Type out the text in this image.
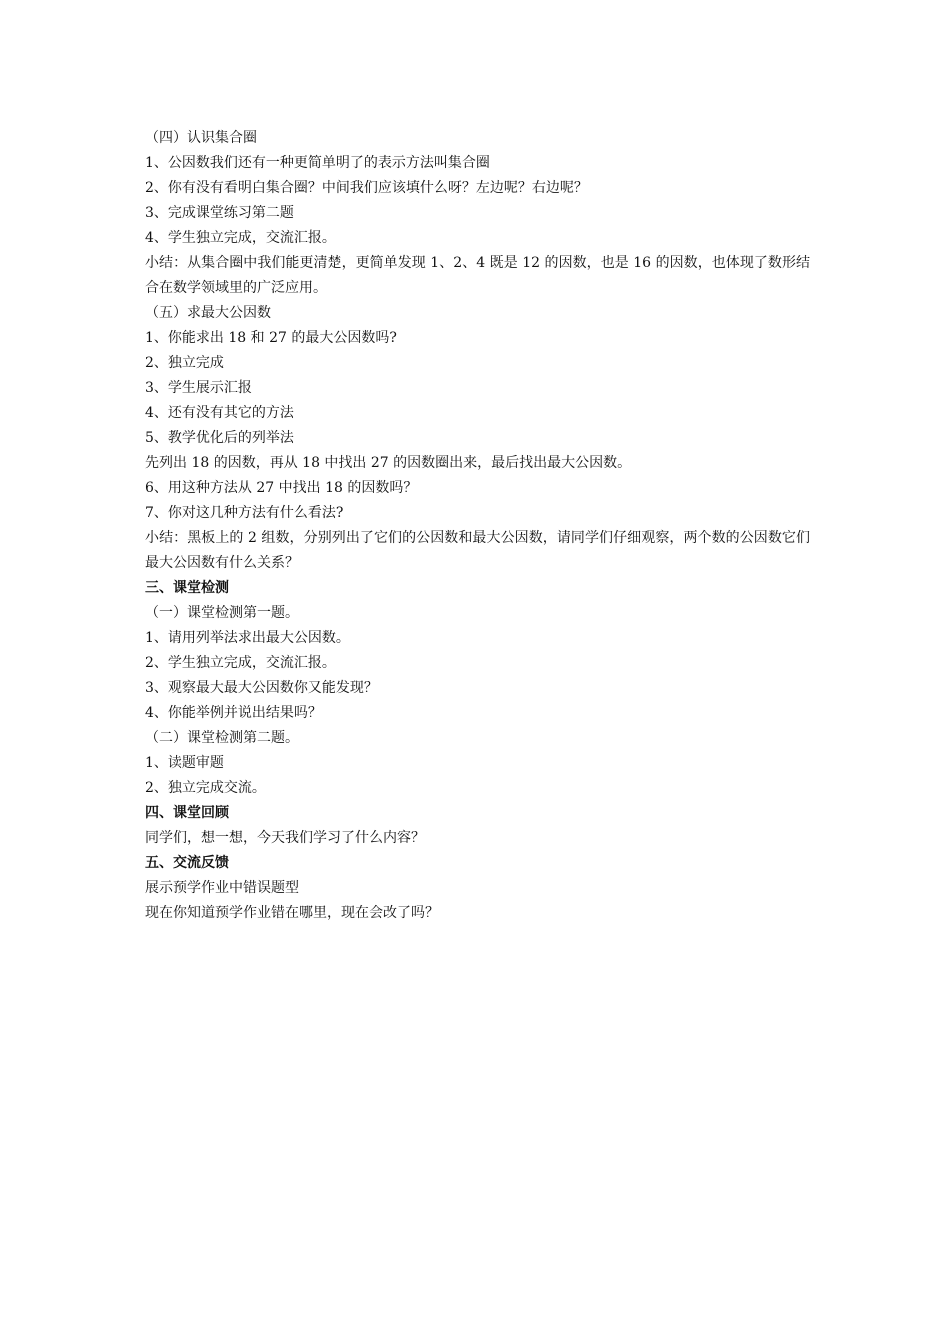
（四）认识集合圈
1、公因数我们还有一种更简单明了的表示方法叫集合圈
2、你有没有看明白集合圈？中间我们应该填什么呀？左边呢？右边呢？
3、完成课堂练习第二题
4、学生独立完成，交流汇报。
小结：从集合圈中我们能更清楚，更简单发现 1、2、4 既是 12 的因数，也是 16 的因数，也体现了数形结合在数学领域里的广泛应用。
（五）求最大公因数
1、你能求出 18 和 27 的最大公因数吗?
2、独立完成
3、学生展示汇报
4、还有没有其它的方法
5、教学优化后的列举法
先列出 18 的因数，再从 18 中找出 27 的因数圈出来，最后找出最大公因数。
6、用这种方法从 27 中找出 18 的因数吗？
7、你对这几种方法有什么看法?
小结：黑板上的 2 组数，分别列出了它们的公因数和最大公因数，请同学们仔细观察，两个数的公因数它们最大公因数有什么关系？
三、课堂检测
（一）课堂检测第一题。
1、请用列举法求出最大公因数。
2、学生独立完成，交流汇报。
3、观察最大最大公因数你又能发现？
4、你能举例并说出结果吗？
（二）课堂检测第二题。
1、读题审题
2、独立完成交流。
四、课堂回顾
同学们，想一想，今天我们学习了什么内容？
五、交流反馈
展示预学作业中错误题型
现在你知道预学作业错在哪里，现在会改了吗？
